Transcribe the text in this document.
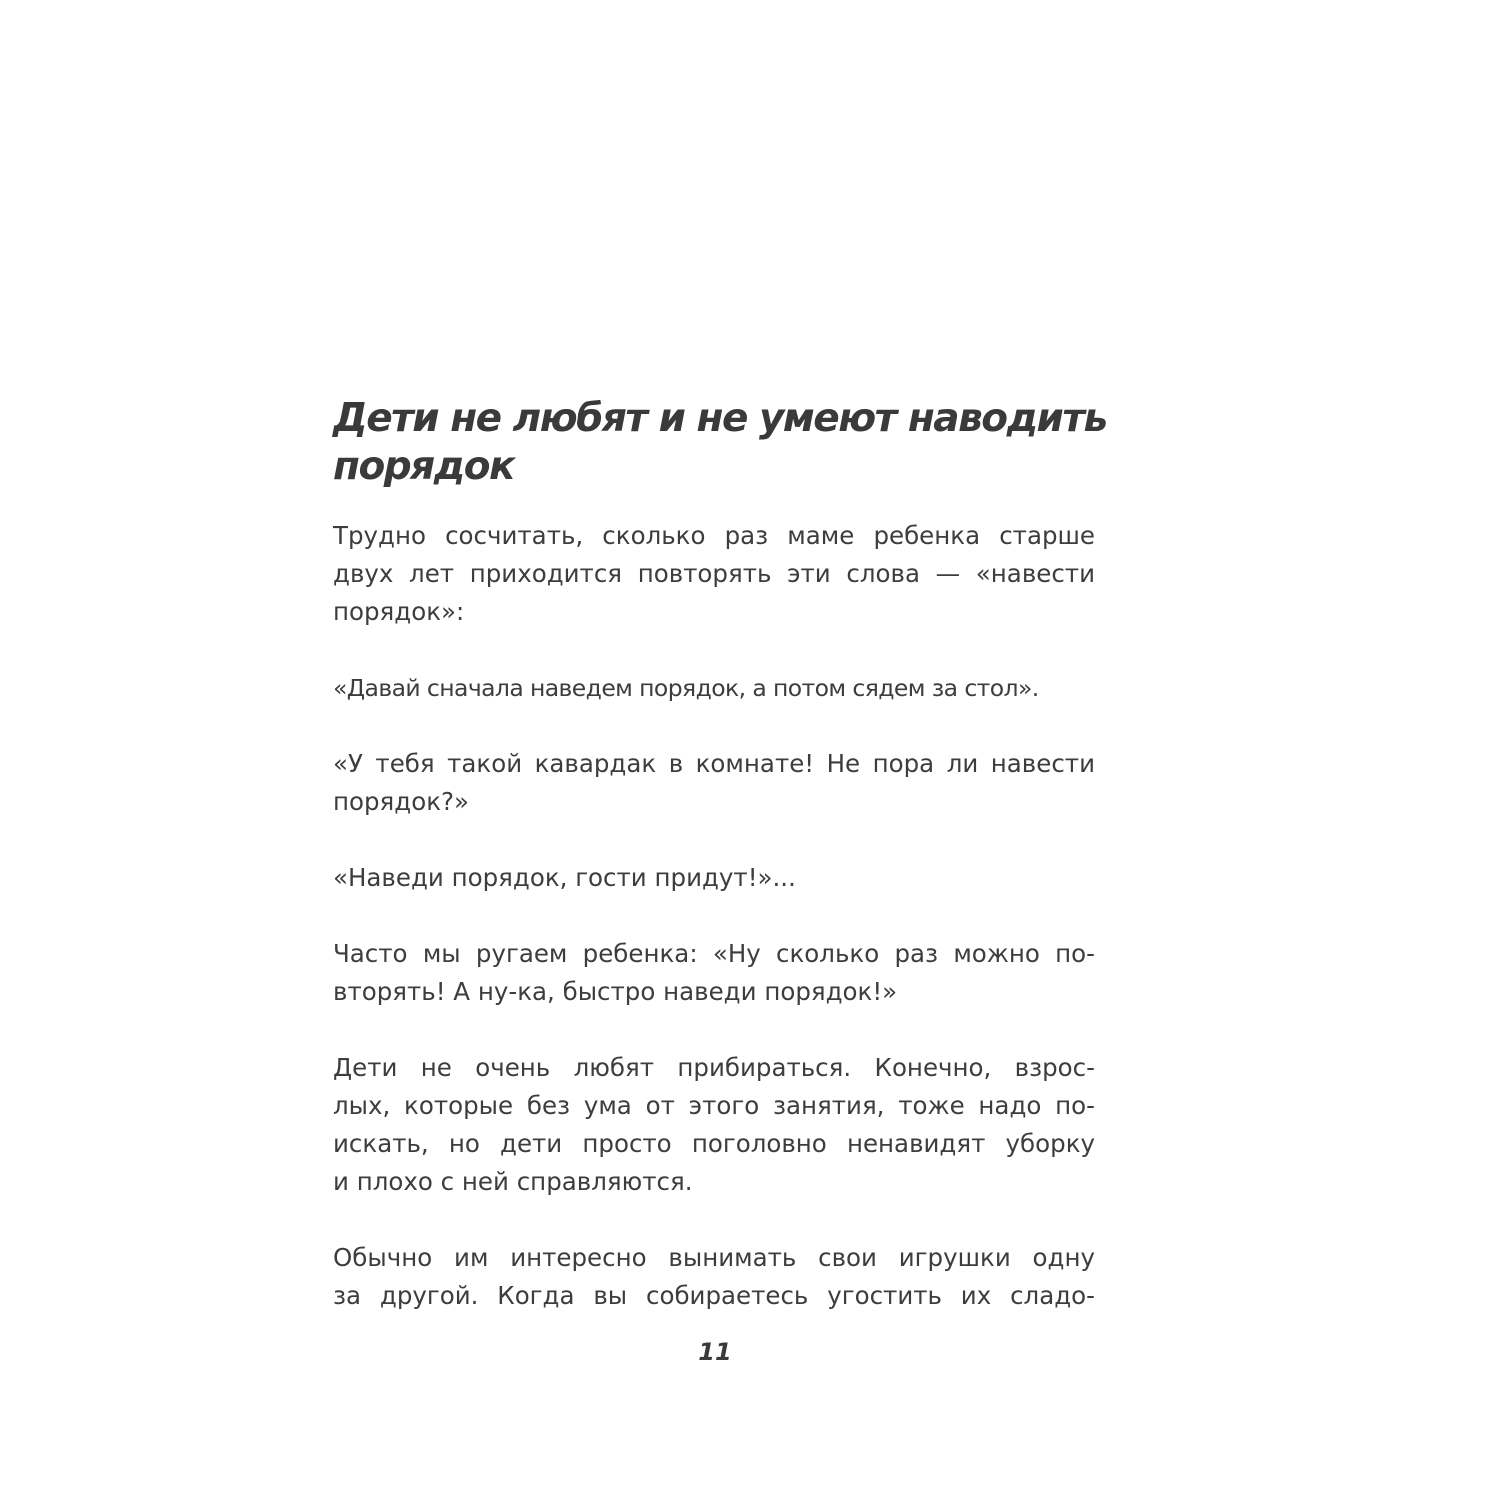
Дети не любят и не умеют наводить
порядок

Трудно сосчитать, сколько раз маме ребенка старше
двух лет приходится повторять эти слова — «навести
порядок»:

«Давай сначала наведем порядок, а потом сядем за стол».

«У тебя такой кавардак в комнате! Не пора ли навести
порядок?»

«Наведи порядок, гости придут!»...

Часто мы ругаем ребенка: «Ну сколько раз можно по-
вторять! А ну-ка, быстро наведи порядок!»

Дети не очень любят прибираться. Конечно, взрос-
лых, которые без ума от этого занятия, тоже надо по-
искать, но дети просто поголовно ненавидят уборку
и плохо с ней справляются.

Обычно им интересно вынимать свои игрушки одну
за другой. Когда вы собираетесь угостить их сладо-

11
